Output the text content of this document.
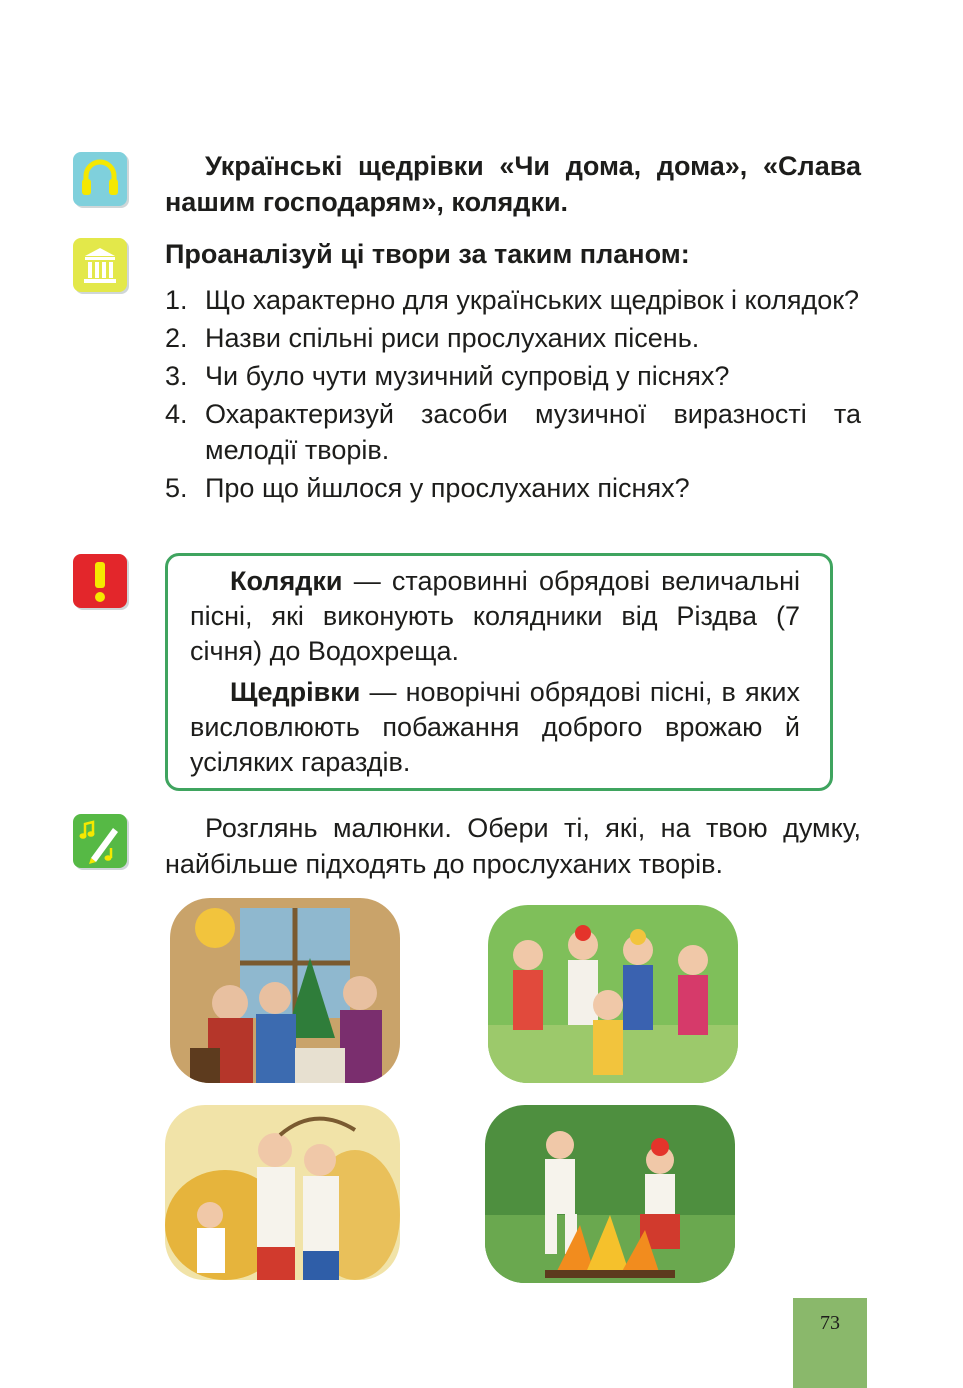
Українські щедрівки «Чи дома, дома», «Слава нашим господарям», колядки.
Проаналізуй ці твори за таким планом:
1. Що характерно для українських щедрівок і колядок?
2. Назви спільні риси прослуханих пісень.
3. Чи було чути музичний супровід у піснях?
4. Охарактеризуй засоби музичної виразності та мелодії творів.
5. Про що йшлося у прослуханих піснях?

Колядки — старовинні обрядові величальні пісні, які виконують колядники від Різдва (7 січня) до Водохреща.

Щедрівки — новорічні обрядові пісні, в яких висловлюють побажання доброго врожаю й усіляких гараздів.

Розглянь малюнки. Обери ті, які, на твою думку, найбільше підходять до прослуханих творів.
73
